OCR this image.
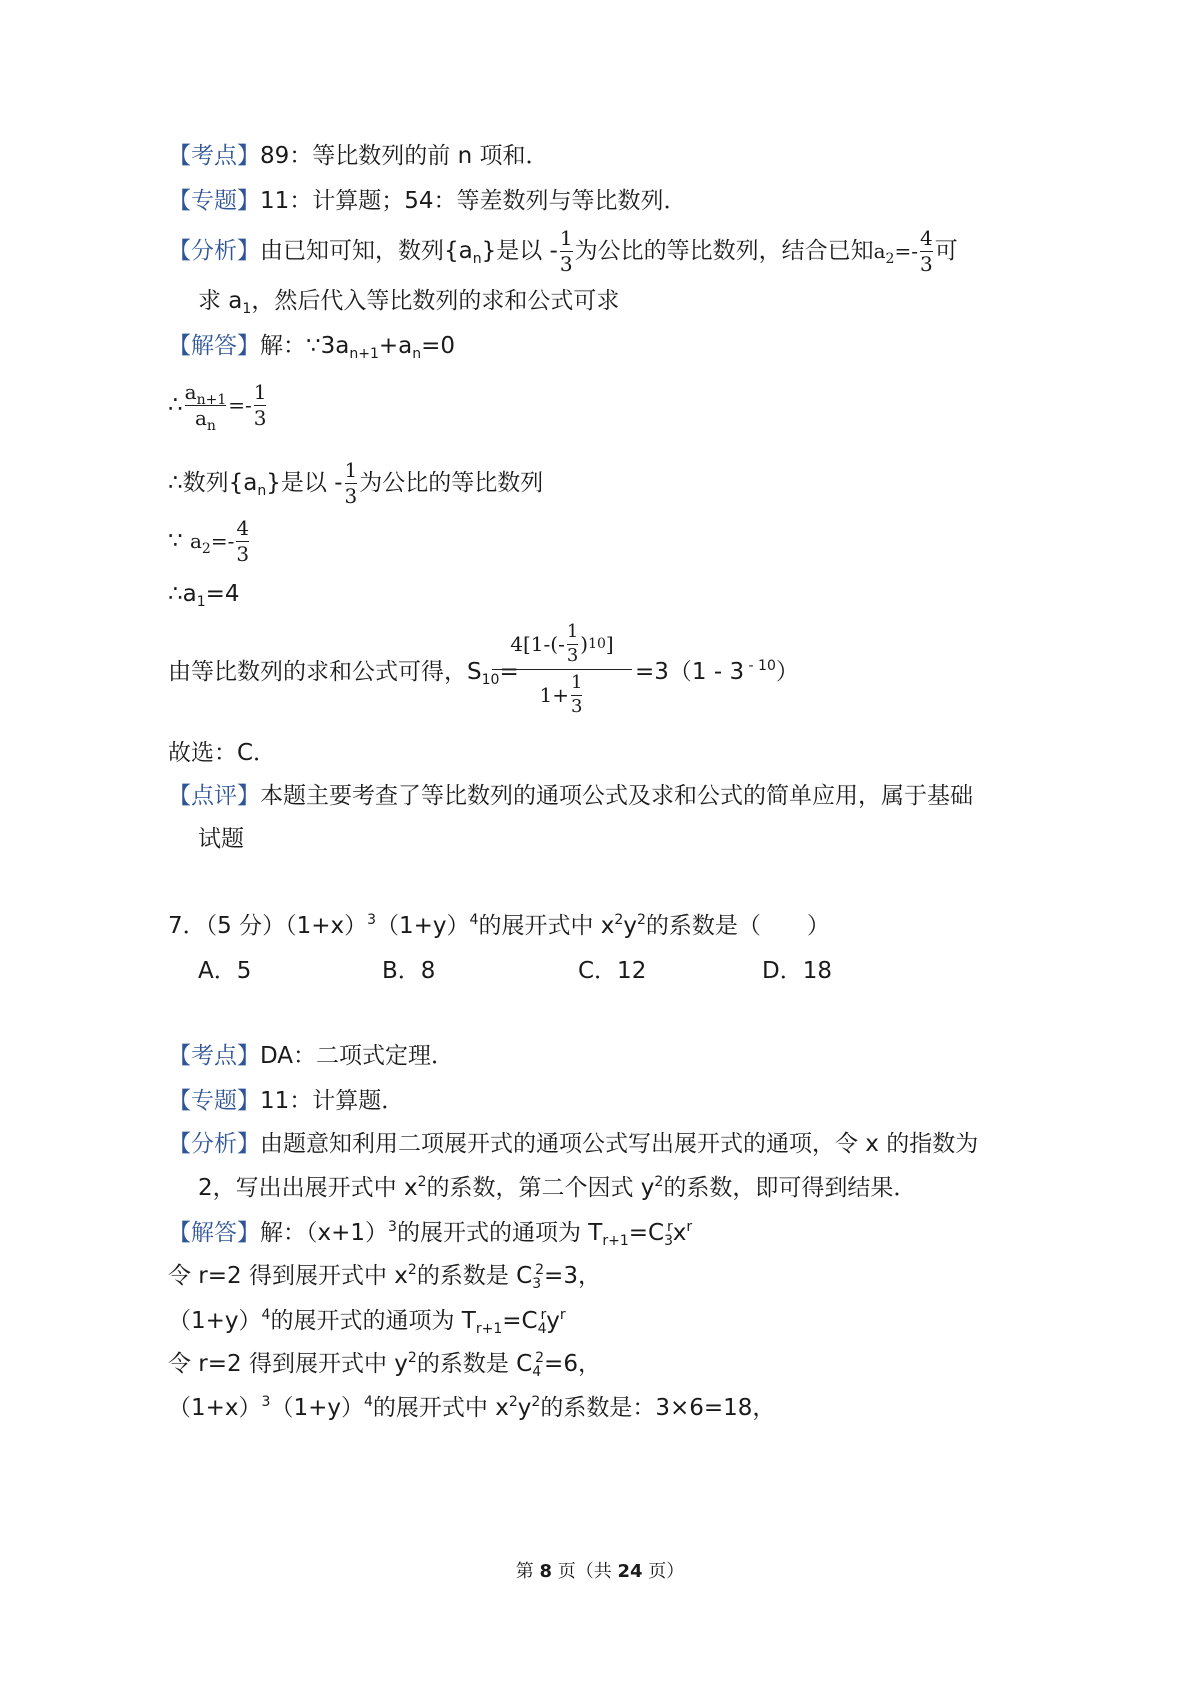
【考点】89：等比数列的前 n 项和．
【专题】11：计算题；54：等差数列与等比数列．
【分析】由已知可知，数列$\{a_n\}$是以 - $\frac{1}{3}$ 为公比的等比数列，结合已知$a_2=- \frac{4}{3}$ 可
求 $a_1$，然后代入等比数列的求和公式可求
【解答】解：$\because 3a_{n+1}+a_n=0$
∴ $\frac{a_{n+1}}{a_n} =- \frac{1}{3}$
∴数列$\{a_n\}$是以 - $\frac{1}{3}$ 为公比的等比数列
∵ $a_2=- \frac{4}{3}$
$\therefore a_1=4$
由等比数列的求和公式可得，$S_{10}=$
$4[1-(- \frac{1}{3}$ ) 10 ]
$1+ \frac{1}{3}$
=3（1 - 3 $^{- 10}$）
故选：C．
【点评】本题主要考查了等比数列的通项公式及求和公式的简单应用，属于基础
试题
7．（5 分）$(1+x)^3(1+y)^4$的展开式中 $x^2y^2$的系数是（　　）
A．5	B．8	C．12	D．18
【考点】DA：二项式定理．
【专题】11：计算题．
【分析】由题意知利用二项展开式的通项公式写出展开式的通项，令 x 的指数为
2，写出出展开式中 $x^2$的系数，第二个因式 $y^2$的系数，即可得到结果．
【解答】解：$(x+1)^3$的展开式的通项为 $T_{r+1}=C_3^rx^r$
令 r=2 得到展开式中 $x^2$的系数是 $C_3^2=3$，
$(1+y)^4$的展开式的通项为 $T_{r+1}=C_4^ry^r$
令 r=2 得到展开式中 $y^2$的系数是 $C_4^2=6$，
$(1+x)^3(1+y)^4$的展开式中 $x^2y^2$的系数是：3×6=18，
第 8 页（共 24 页）
